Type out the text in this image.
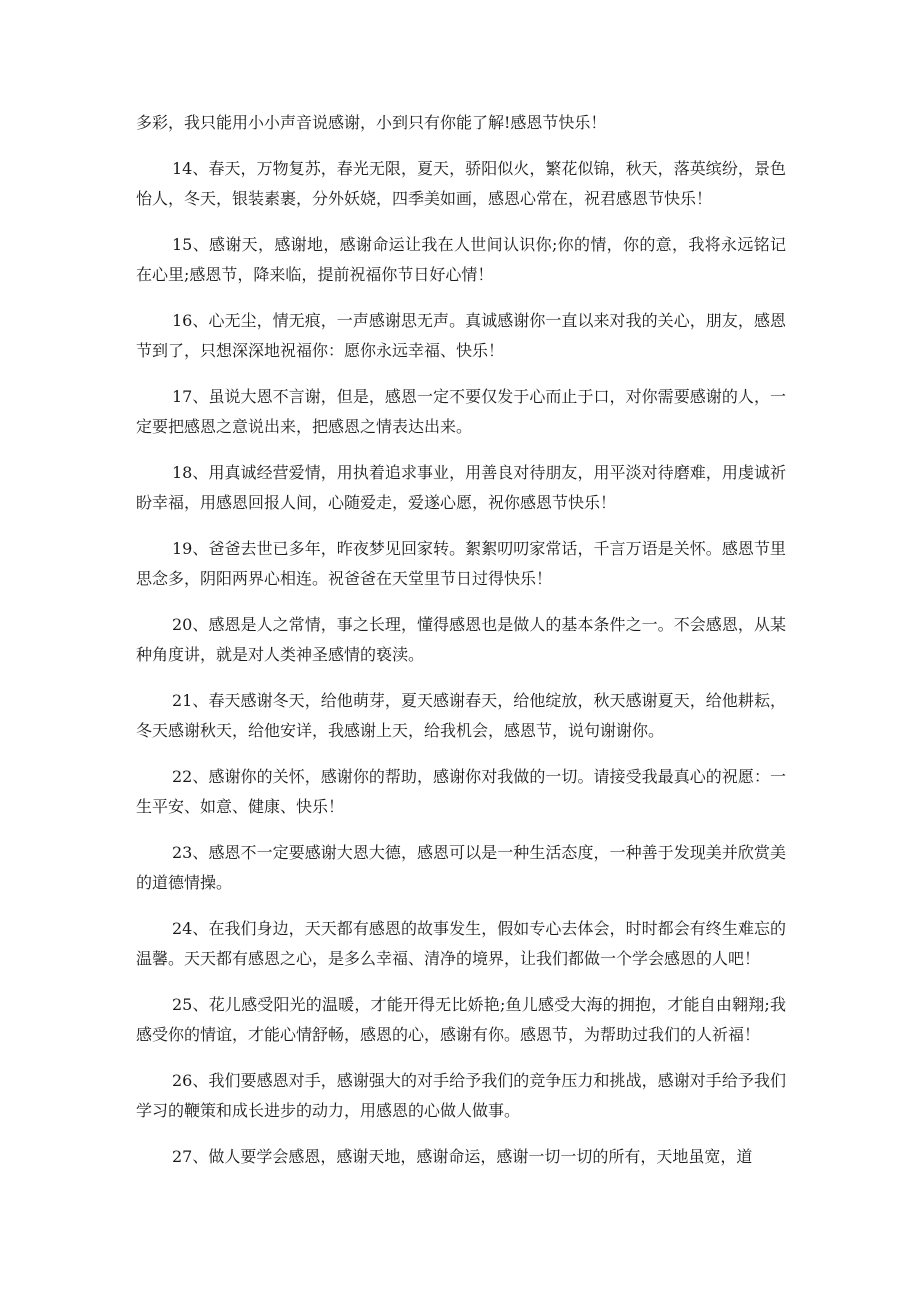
多彩，我只能用小小声音说感谢，小到只有你能了解!感恩节快乐！

14、春天，万物复苏，春光无限，夏天，骄阳似火，繁花似锦，秋天，落英缤纷，景色怡人，冬天，银装素裹，分外妖娆，四季美如画，感恩心常在，祝君感恩节快乐！

15、感谢天，感谢地，感谢命运让我在人世间认识你;你的情，你的意，我将永远铭记在心里;感恩节，降来临，提前祝福你节日好心情！

16、心无尘，情无痕，一声感谢思无声。真诚感谢你一直以来对我的关心，朋友，感恩节到了，只想深深地祝福你：愿你永远幸福、快乐！

17、虽说大恩不言谢，但是，感恩一定不要仅发于心而止于口，对你需要感谢的人，一定要把感恩之意说出来，把感恩之情表达出来。

18、用真诚经营爱情，用执着追求事业，用善良对待朋友，用平淡对待磨难，用虔诚祈盼幸福，用感恩回报人间，心随爱走，爱遂心愿，祝你感恩节快乐！

19、爸爸去世已多年，昨夜梦见回家转。絮絮叨叨家常话，千言万语是关怀。感恩节里思念多，阴阳两界心相连。祝爸爸在天堂里节日过得快乐！

20、感恩是人之常情，事之长理，懂得感恩也是做人的基本条件之一。不会感恩，从某种角度讲，就是对人类神圣感情的亵渎。

21、春天感谢冬天，给他萌芽，夏天感谢春天，给他绽放，秋天感谢夏天，给他耕耘，冬天感谢秋天，给他安详，我感谢上天，给我机会，感恩节，说句谢谢你。

22、感谢你的关怀，感谢你的帮助，感谢你对我做的一切。请接受我最真心的祝愿：一生平安、如意、健康、快乐！

23、感恩不一定要感谢大恩大德，感恩可以是一种生活态度，一种善于发现美并欣赏美的道德情操。

24、在我们身边，天天都有感恩的故事发生，假如专心去体会，时时都会有终生难忘的温馨。天天都有感恩之心，是多么幸福、清净的境界，让我们都做一个学会感恩的人吧！

25、花儿感受阳光的温暖，才能开得无比娇艳;鱼儿感受大海的拥抱，才能自由翱翔;我感受你的情谊，才能心情舒畅，感恩的心，感谢有你。感恩节，为帮助过我们的人祈福！

26、我们要感恩对手，感谢强大的对手给予我们的竞争压力和挑战，感谢对手给予我们学习的鞭策和成长进步的动力，用感恩的心做人做事。

27、做人要学会感恩，感谢天地，感谢命运，感谢一切一切的所有，天地虽宽，道
